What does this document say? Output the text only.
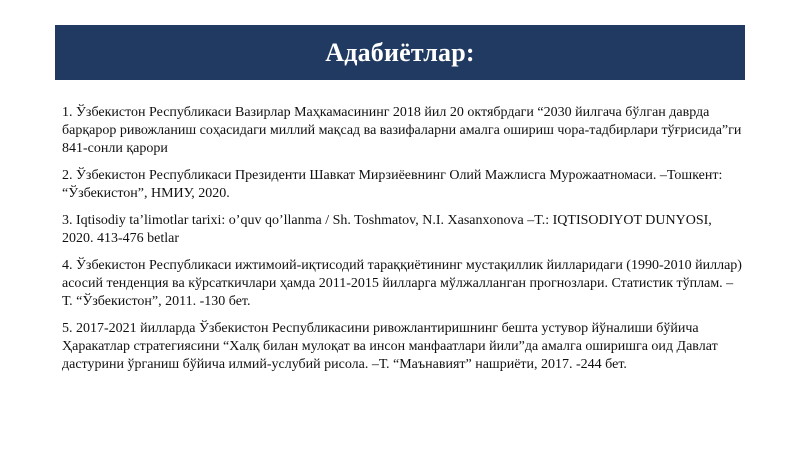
Адабиётлар:
1. Ўзбекистон Республикаси Вазирлар Маҳкамасининг 2018 йил 20 октябрдаги “2030 йилгача бўлган даврда барқарор ривожланиш соҳасидаги миллий мақсад ва вазифаларни амалга ошириш чора-тадбирлари тўғрисида”ги 841-сонли қарори
2. Ўзбекистон Республикаси Президенти Шавкат Мирзиёевнинг Олий Мажлисга Мурожаатномаси. –Тошкент: “Ўзбекистон”, НМИУ, 2020.
3. Iqtisodiy ta’limotlar tarixi: o’quv qo’llanma / Sh. Toshmatov, N.I. Xasanxonova –T.: IQTISODIYOT DUNYOSI, 2020. 413-476 betlar
4. Ўзбекистон Республикаси ижтимоий-иқтисодий тараққиётининг мустақиллик йилларидаги (1990-2010 йиллар) асосий тенденция ва кўрсаткичлари ҳамда 2011-2015 йилларга мўлжалланган прогнозлари. Статистик тўплам. –Т. “Ўзбекистон”, 2011. -130 бет.
5. 2017-2021 йилларда Ўзбекистон Республикасини ривожлантиришнинг бешта устувор йўналиши бўйича Ҳаракатлар стратегиясини “Халқ билан мулоқат ва инсон манфаатлари йили”да амалга оширишга оид Давлат дастурини ўрганиш бўйича илмий-услубий рисола. –Т. “Маънавият” нашриёти, 2017. -244 бет.
